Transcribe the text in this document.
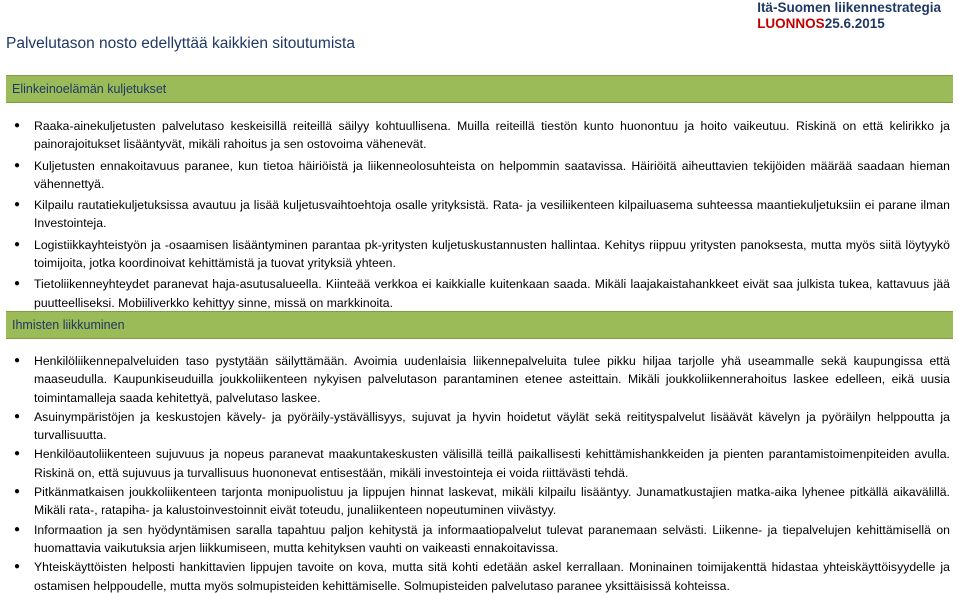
Palvelutason nosto edellyttää kaikkien sitoutumista
Itä-Suomen liikennestrategia
LUONNOS25.6.2015
Elinkeinoelämän kuljetukset
● Raaka-ainekuljetusten palvelutaso keskeisillä reiteillä säilyy kohtuullisena. Muilla reiteillä tiestön kunto huonontuu ja hoito vaikeutuu. Riskinä on että kelirikko ja painorajoitukset lisääntyvät, mikäli rahoitus ja sen ostovoima vähenevät.
● Kuljetusten ennakoitavuus paranee, kun tietoa häiriöistä ja liikenneolosuhteista on helpommin saatavissa. Häiriöitä aiheuttavien tekijöiden määrää saadaan hieman vähennettyä.
● Kilpailu rautatiekuljetuksissa avautuu ja lisää kuljetusvaihtoehtoja osalle yrityksistä. Rata- ja vesiliikenteen kilpailuasema suhteessa maantiekuljetuksiin ei parane ilman Investointeja.
● Logistiikkayhteistyön ja -osaamisen lisääntyminen parantaa pk-yritysten kuljetuskustannusten hallintaa. Kehitys riippuu yritysten panoksesta, mutta myös siitä löytyykö toimijoita, jotka koordinoivat kehittämistä ja tuovat yrityksiä yhteen.
● Tietoliikenneyhteydet paranevat haja-asutusalueella. Kiinteää verkkoa ei kaikkialle kuitenkaan saada. Mikäli laajakaistahankkeet eivät saa julkista tukea, kattavuus jää puutteelliseksi. Mobiiliverkko kehittyy sinne, missä on markkinoita.
Ihmisten liikkuminen
● Henkilöliikennepalveluiden taso pystytään säilyttämään. Avoimia uudenlaisia liikennepalveluita tulee pikku hiljaa tarjolle yhä useammalle sekä kaupungissa että maaseudulla. Kaupunkiseuduilla joukkoliikenteen nykyisen palvelutason parantaminen etenee asteittain. Mikäli joukkoliikennerahoitus laskee edelleen, eikä uusia toimintamalleja saada kehitettyä, palvelutaso laskee.
● Asuinympäristöjen ja keskustojen kävely- ja pyöräily-ystävällisyys, sujuvat ja hyvin hoidetut väylät sekä reitityspalvelut lisäävät kävelyn ja pyöräilyn helppoutta ja turvallisuutta.
● Henkilöautoliikenteen sujuvuus ja nopeus paranevat maakuntakeskusten välisillä teillä paikallisesti kehittämishankkeiden ja pienten parantamistoimenpiteiden avulla. Riskinä on, että sujuvuus ja turvallisuus huononevat entisestään, mikäli investointeja ei voida riittävästi tehdä.
● Pitkänmatkaisen joukkoliikenteen tarjonta monipuolistuu ja lippujen hinnat laskevat, mikäli kilpailu lisääntyy. Junamatkustajien matka-aika lyhenee pitkällä aikavälillä. Mikäli rata-, ratapiha- ja kalustoinvestoinnit eivät toteudu, junaliikenteen nopeutuminen viivästyy.
● Informaation ja sen hyödyntämisen saralla tapahtuu paljon kehitystä ja informaatiopalvelut tulevat paranemaan selvästi. Liikenne- ja tiepalvelujen kehittämisellä on huomattavia vaikutuksia arjen liikkumiseen, mutta kehityksen vauhti on vaikeasti ennakoitavissa.
● Yhteiskäyttöisten helposti hankittavien lippujen tavoite on kova, mutta sitä kohti edetään askel kerrallaan. Moninainen toimijakenttä hidastaa yhteiskäyttöisyydelle ja ostamisen helppoudelle, mutta myös solmupisteiden kehittämiselle. Solmupisteiden palvelutaso paranee yksittäisissä kohteissa.
